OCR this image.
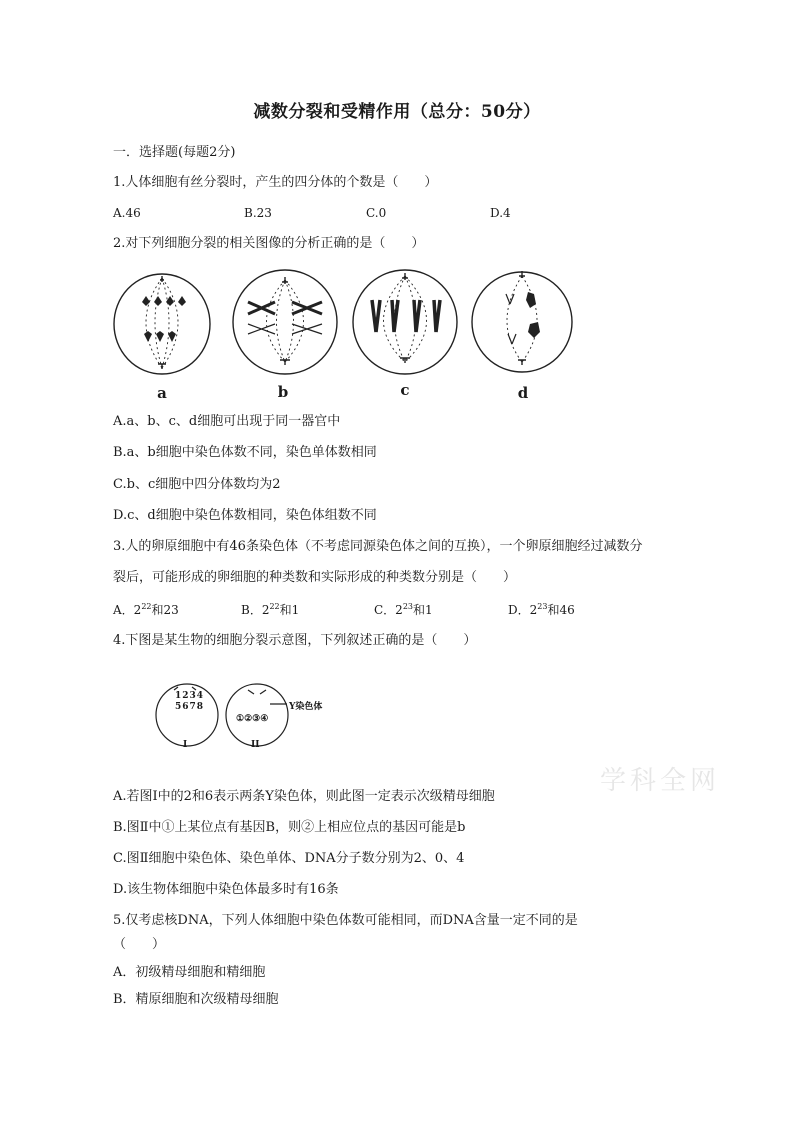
减数分裂和受精作用（总分：50分）
一．选择题(每题2分)
1.人体细胞有丝分裂时，产生的四分体的个数是（　　）
A.46	B.23	C.0	D.4
2.对下列细胞分裂的相关图像的分析正确的是（　　）
a	b	c	d
A.a、b、c、d细胞可出现于同一器官中
B.a、b细胞中染色体数不同，染色单体数相同
C.b、c细胞中四分体数均为2
D.c、d细胞中染色体数相同，染色体组数不同
3.人的卵原细胞中有46条染色体（不考虑同源染色体之间的互换），一个卵原细胞经过减数分
裂后，可能形成的卵细胞的种类数和实际形成的种类数分别是（　　）
A．$2^{22}$和23	B．$2^{22}$和1	C．$2^{23}$和1	D．$2^{23}$和46
4.下图是某生物的细胞分裂示意图，下列叙述正确的是（　　）
1234
5678
I
①②③④
II
Y染色体
学科全网
A.若图Ⅰ中的2和6表示两条Y染色体，则此图一定表示次级精母细胞
B.图Ⅱ中①上某位点有基因B，则②上相应位点的基因可能是b
C.图Ⅱ细胞中染色体、染色单体、DNA分子数分别为2、0、4
D.该生物体细胞中染色体最多时有16条
5.仅考虑核DNA，下列人体细胞中染色体数可能相同，而DNA含量一定不同的是
（　　）
A．初级精母细胞和精细胞
B．精原细胞和次级精母细胞
